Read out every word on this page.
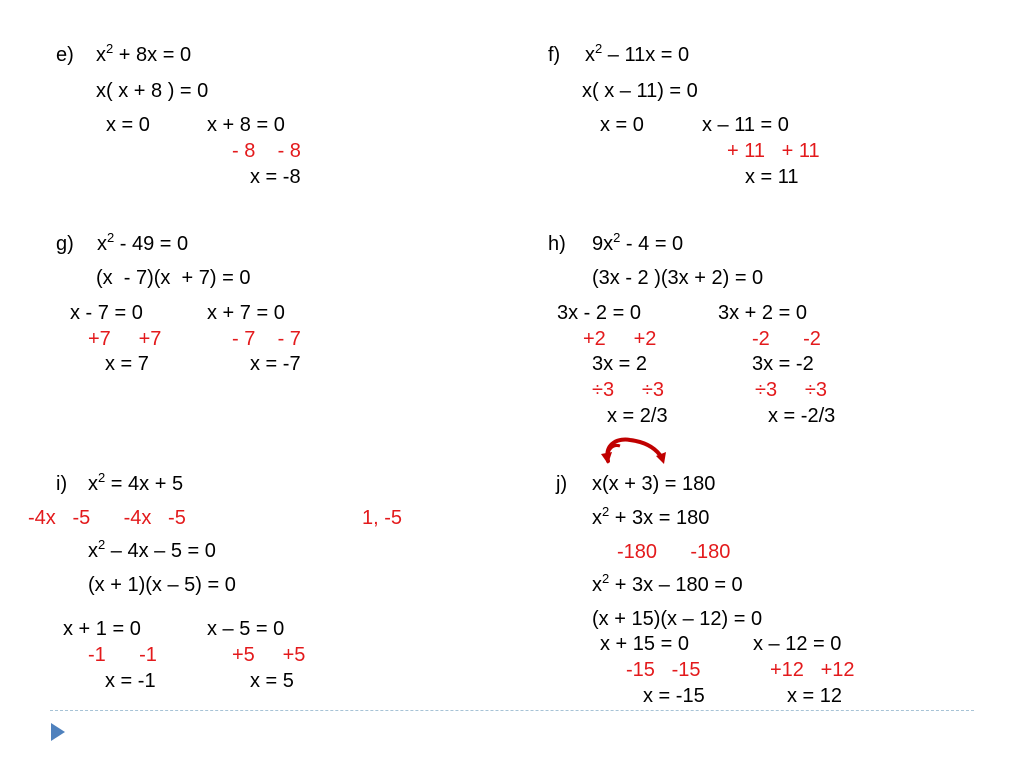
e) $x^2 + 8x = 0$
x( x + 8 ) = 0
x = 0	x + 8 = 0
- 8    - 8
x = -8
f) $x^2 - 11x = 0$
x( x – 11) = 0
x = 0	x – 11 = 0
+ 11   + 11
x = 11
g) $x^2 - 49 = 0$
(x  - 7)(x  + 7) = 0
x - 7 = 0	x + 7 = 0
+7     +7	- 7    - 7
x = 7	x = -7
h) $9x^2 - 4 = 0$
(3x - 2 )(3x + 2) = 0
3x - 2 = 0	3x + 2 = 0
+2     +2	-2      -2
3x = 2	3x = -2
÷3     ÷3	÷3     ÷3
x = 2/3	x = -2/3
i) $x^2 = 4x + 5$
-4x   -5      -4x   -5	1, -5
$x^2 - 4x - 5 = 0$
(x + 1)(x – 5) = 0
x + 1 = 0	x – 5 = 0
-1      -1	+5     +5
x = -1	x = 5
j) x(x + 3) = 180
$x^2 + 3x = 180$
-180      -180
$x^2 + 3x - 180 = 0$
(x + 15)(x – 12) = 0
x + 15 = 0	x – 12 = 0
-15   -15	+12   +12
x = -15	x = 12
